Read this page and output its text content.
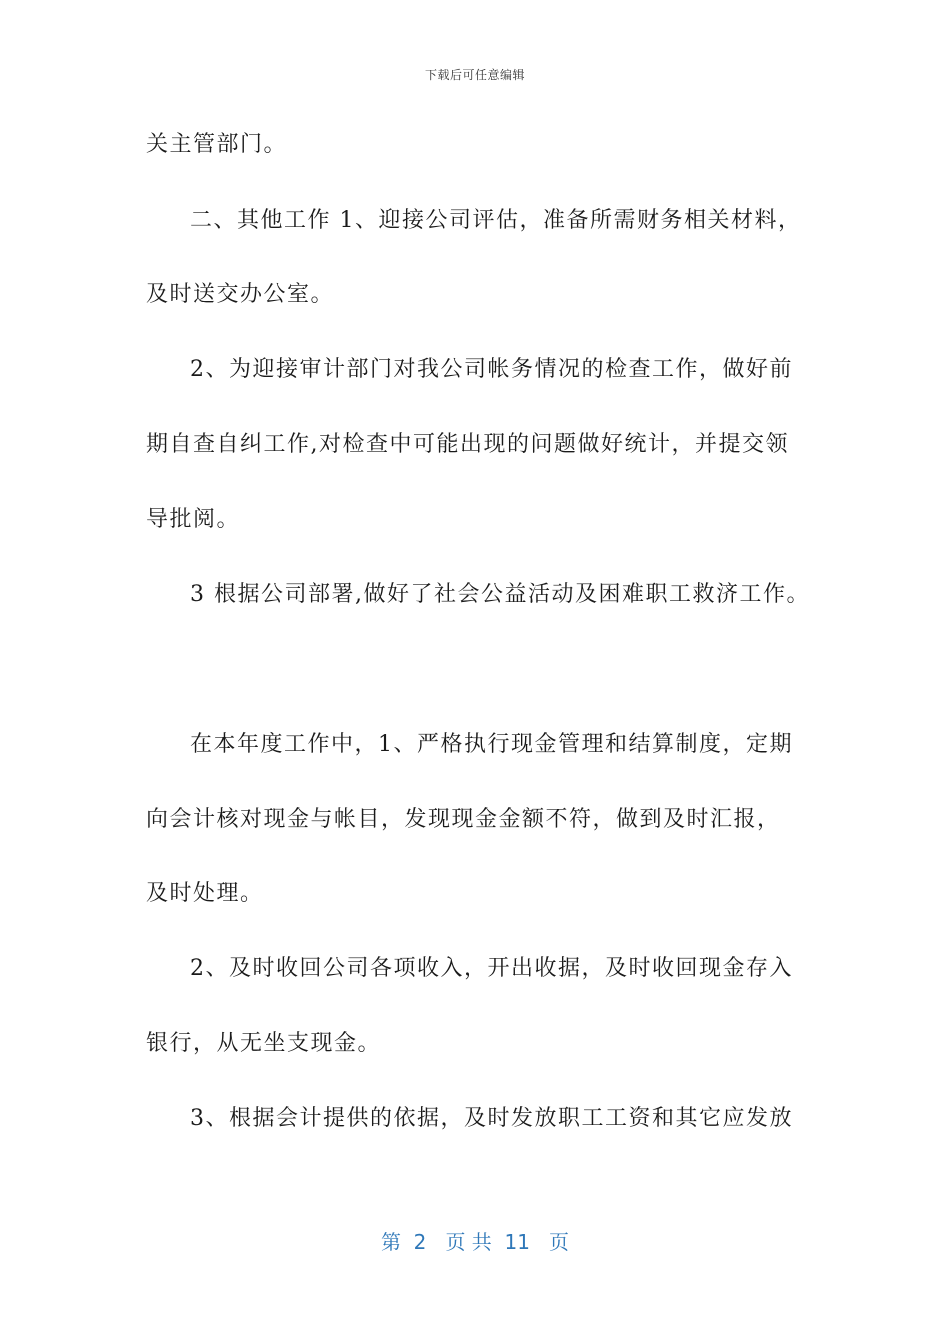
下载后可任意编辑
关主管部门。
二、其他工作 1、迎接公司评估，准备所需财务相关材料，
及时送交办公室。
2、为迎接审计部门对我公司帐务情况的检查工作，做好前
期自查自纠工作,对检查中可能出现的问题做好统计，并提交领
导批阅。
3 根据公司部署,做好了社会公益活动及困难职工救济工作。
在本年度工作中，1、严格执行现金管理和结算制度，定期
向会计核对现金与帐目，发现现金金额不符，做到及时汇报，
及时处理。
2、及时收回公司各项收入，开出收据，及时收回现金存入
银行，从无坐支现金。
3、根据会计提供的依据，及时发放职工工资和其它应发放
第  2   页 共  11   页
